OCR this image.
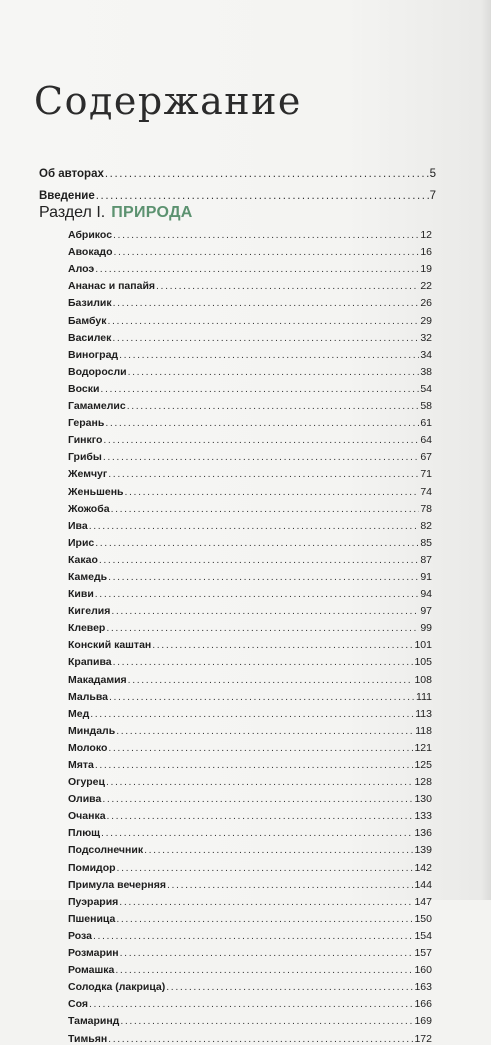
Содержание
Об авторах .....	5
Введение .....	7
Раздел I. ПРИРОДА
Абрикос .....	12
Авокадо .....	16
Алоэ .....	19
Ананас и папайя .....	22
Базилик .....	26
Бамбук .....	29
Василек .....	32
Виноград .....	34
Водоросли .....	38
Воски .....	54
Гамамелис .....	58
Герань .....	61
Гинкго .....	64
Грибы .....	67
Жемчуг .....	71
Женьшень .....	74
Жожоба .....	78
Ива .....	82
Ирис .....	85
Какао .....	87
Камедь .....	91
Киви .....	94
Кигелия .....	97
Клевер .....	99
Конский каштан .....	101
Крапива .....	105
Макадамия .....	108
Мальва .....	111
Мед .....	113
Миндаль .....	118
Молоко .....	121
Мята .....	125
Огурец .....	128
Олива .....	130
Очанка .....	133
Плющ .....	136
Подсолнечник .....	139
Помидор .....	142
Примула вечерняя .....	144
Пуэрария .....	147
Пшеница .....	150
Роза .....	154
Розмарин .....	157
Ромашка .....	160
Солодка (лакрица) .....	163
Соя .....	166
Тамаринд .....	169
Тимьян .....	172
